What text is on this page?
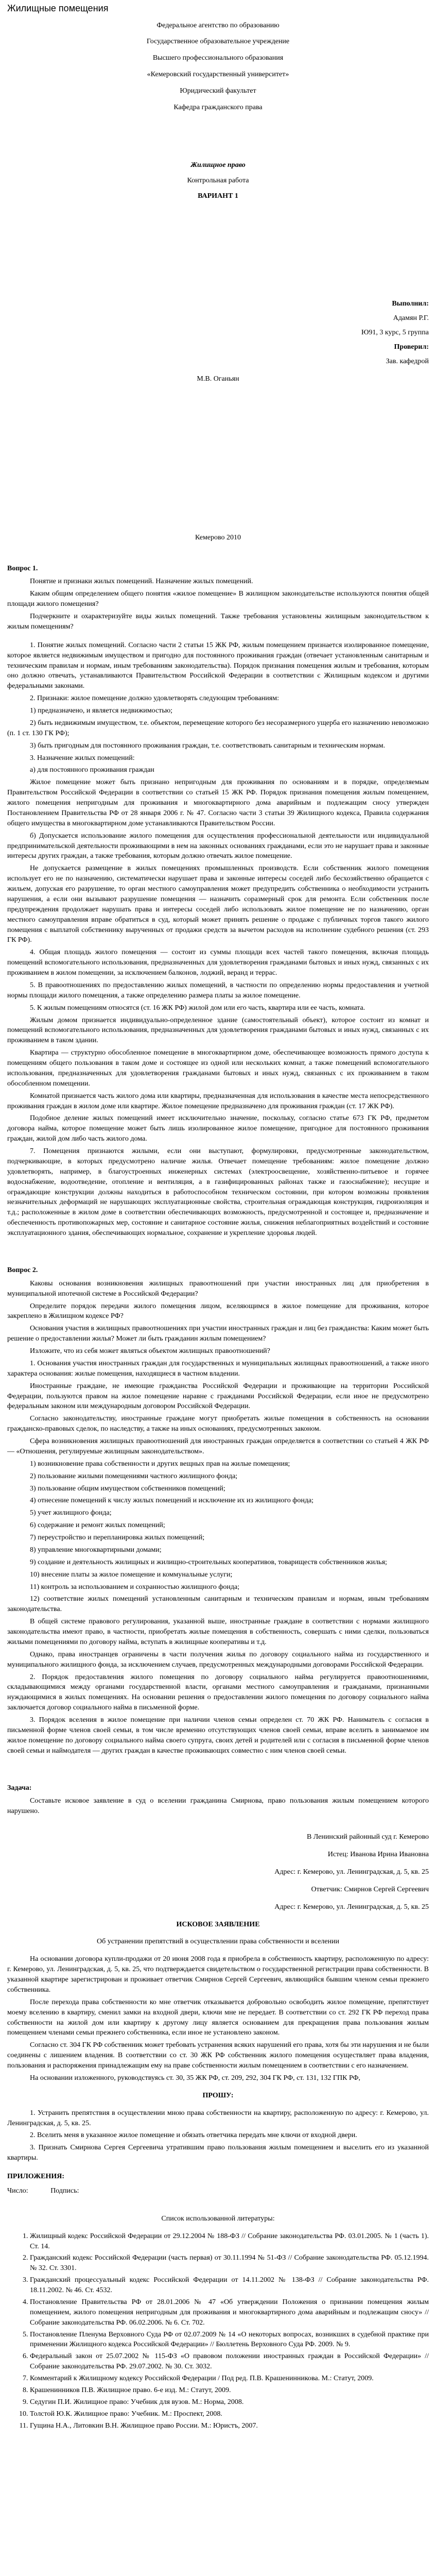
Жилищные помещения

Федеральное агентство по образованию

Государственное образовательное учреждение

Высшего профессионального образования

«Кемеровский государственный университет»

Юридический факультет

Кафедра гражданского права

Жилищное право

Контрольная работа

ВАРИАНТ 1

Выполнил:

Адамян Р.Г.

Ю91, 3 курс, 5 группа

Проверил:

Зав. кафедрой

М.В. Оганьян

Кемерово 2010

Вопрос 1.

Понятие и признаки жилых помещений. Назначение жилых помещений.

Каким общим определением общего понятия «жилое помещение» В жилищном законодательстве используются понятия общей площади жилого помещения?

Подчеркните и охарактеризуйте виды жилых помещений. Также требования установлены жилищным законодательством к жилым помещениям?

1. Понятие жилых помещений. Согласно части 2 статьи 15 ЖК РФ, жилым помещением признается изолированное помещение, которое является недвижимым имуществом и пригодно для постоянного проживания граждан (отвечает установленным санитарным и техническим правилам и нормам, иным требованиям законодательства). Порядок признания помещения жилым и требования, которым оно должно отвечать, устанавливаются Правительством Российской Федерации в соответствии с Жилищным кодексом и другими федеральными законами.

2. Признаки: жилое помещение должно удовлетворять следующим требованиям:

1) предназначено, и является недвижимостью;

2) быть недвижимым имуществом, т.е. объектом, перемещение которого без несоразмерного ущерба его назначению невозможно (п. 1 ст. 130 ГК РФ);

3) быть пригодным для постоянного проживания граждан, т.е. соответствовать санитарным и техническим нормам.

3. Назначение жилых помещений:

а) для постоянного проживания граждан

Жилое помещение может быть признано непригодным для проживания по основаниям и в порядке, определяемым Правительством Российской Федерации в соответствии со статьей 15 ЖК РФ. Порядок признания помещения жилым помещением, жилого помещения непригодным для проживания и многоквартирного дома аварийным и подлежащим сносу утвержден Постановлением Правительства РФ от 28 января 2006 г. № 47. Согласно части 3 статьи 39 Жилищного кодекса, Правила содержания общего имущества в многоквартирном доме устанавливаются Правительством России.

б) Допускается использование жилого помещения для осуществления профессиональной деятельности или индивидуальной предпринимательской деятельности проживающими в нем на законных основаниях гражданами, если это не нарушает права и законные интересы других граждан, а также требования, которым должно отвечать жилое помещение.

Не допускается размещение в жилых помещениях промышленных производств. Если собственник жилого помещения использует его не по назначению, систематически нарушает права и законные интересы соседей либо бесхозяйственно обращается с жильем, допуская его разрушение, то орган местного самоуправления может предупредить собственника о необходимости устранить нарушения, а если они вызывают разрушение помещения — назначить соразмерный срок для ремонта. Если собственник после предупреждения продолжает нарушать права и интересы соседей либо использовать жилое помещение не по назначению, орган местного самоуправления вправе обратиться в суд, который может принять решение о продаже с публичных торгов такого жилого помещения с выплатой собственнику вырученных от продажи средств за вычетом расходов на исполнение судебного решения (ст. 293 ГК РФ).

4. Общая площадь жилого помещения — состоит из суммы площади всех частей такого помещения, включая площадь помещений вспомогательного использования, предназначенных для удовлетворения гражданами бытовых и иных нужд, связанных с их проживанием в жилом помещении, за исключением балконов, лоджий, веранд и террас.

5. В правоотношениях по предоставлению жилых помещений, в частности по определению нормы предоставления и учетной нормы площади жилого помещения, а также определению размера платы за жилое помещение.

5. К жилым помещениям относятся (ст. 16 ЖК РФ) жилой дом или его часть, квартира или ее часть, комната.

Жилым домом признается индивидуально-определенное здание (самостоятельный объект), которое состоит из комнат и помещений вспомогательного использования, предназначенных для удовлетворения гражданами бытовых и иных нужд, связанных с их проживанием в таком здании.

Квартира — структурно обособленное помещение в многоквартирном доме, обеспечивающее возможность прямого доступа к помещениям общего пользования в таком доме и состоящее из одной или нескольких комнат, а также помещений вспомогательного использования, предназначенных для удовлетворения гражданами бытовых и иных нужд, связанных с их проживанием в таком обособленном помещении.

Комнатой признается часть жилого дома или квартиры, предназначенная для использования в качестве места непосредственного проживания граждан в жилом доме или квартире. Жилое помещение предназначено для проживания граждан (ст. 17 ЖК РФ).

Подобное деление жилых помещений имеет исключительно значение, поскольку, согласно статье 673 ГК РФ, предметом договора найма, которое помещение может быть лишь изолированное жилое помещение, пригодное для постоянного проживания граждан, жилой дом либо часть жилого дома.

7. Помещения признаются жилыми, если они выступают, формулировки, предусмотренные законодательством, подчеркивающие, в которых предусмотрено наличие жилья. Отвечает помещение требованиям: жилое помещение должно удовлетворять, например, в благоустроенных инженерных системах (электроосвещение, хозяйственно-питьевое и горячее водоснабжение, водоотведение, отопление и вентиляция, а в газифицированных районах также и газоснабжение); несущие и ограждающие конструкции должны находиться в работоспособном техническом состоянии, при котором возможны проявления незначительных деформаций не нарушающих эксплуатационные свойства, строительная ограждающая конструкция, гидроизоляция и т.д.; расположенные в жилом доме в соответствии обеспечивающих возможность, предусмотренной и состоящее и, предназначение и обеспеченность противопожарных мер, состояние и санитарное состояние жилья, снижения неблагоприятных воздействий и состояние эксплуатационного здания, обеспечивающих нормальное, сохранение и укрепление здоровья людей.

Вопрос 2.

Каковы основания возникновения жилищных правоотношений при участии иностранных лиц для приобретения в муниципальной ипотечной системе в Российской Федерации?

Определите порядок передачи жилого помещения лицом, вселяющимся в жилое помещение для проживания, которое закреплено в Жилищном кодексе РФ?

Основания участия в жилищных правоотношениях при участии иностранных граждан и лиц без гражданства: Каким может быть решение о предоставлении жилья? Может ли быть гражданин жилым помещением?

Изложите, что из себя может являться объектом жилищных правоотношений?

1. Основания участия иностранных граждан для государственных и муниципальных жилищных правоотношений, а также иного характера основания: жилые помещения, находящиеся в частном владении.

Иностранные граждане, не имеющие гражданства Российской Федерации и проживающие на территории Российской Федерации, пользуются правом на жилое помещение наравне с гражданами Российской Федерации, если иное не предусмотрено федеральным законом или международным договором Российской Федерации.

Согласно законодательству, иностранные граждане могут приобретать жилые помещения в собственность на основании гражданско-правовых сделок, по наследству, а также на иных основаниях, предусмотренных законом.

Сфера возникновения жилищных правоотношений для иностранных граждан определяется в соответствии со статьей 4 ЖК РФ — «Отношения, регулируемые жилищным законодательством».

1) возникновение права собственности и других вещных прав на жилые помещения;

2) пользование жилыми помещениями частного жилищного фонда;

3) пользование общим имуществом собственников помещений;

4) отнесение помещений к числу жилых помещений и исключение их из жилищного фонда;

5) учет жилищного фонда;

6) содержание и ремонт жилых помещений;

7) переустройство и перепланировка жилых помещений;

8) управление многоквартирными домами;

9) создание и деятельность жилищных и жилищно-строительных кооперативов, товариществ собственников жилья;

10) внесение платы за жилое помещение и коммунальные услуги;

11) контроль за использованием и сохранностью жилищного фонда;

12) соответствие жилых помещений установленным санитарным и техническим правилам и нормам, иным требованиям законодательства.

В общей системе правового регулирования, указанной выше, иностранные граждане в соответствии с нормами жилищного законодательства имеют право, в частности, приобретать жилые помещения в собственность, совершать с ними сделки, пользоваться жилыми помещениями по договору найма, вступать в жилищные кооперативы и т.д.

Однако, права иностранцев ограничены в части получения жилья по договору социального найма из государственного и муниципального жилищного фонда, за исключением случаев, предусмотренных международными договорами Российской Федерации.

2. Порядок предоставления жилого помещения по договору социального найма регулируется правоотношениями, складывающимися между органами государственной власти, органами местного самоуправления и гражданами, признанными нуждающимися в жилых помещениях. На основании решения о предоставлении жилого помещения по договору социального найма заключается договор социального найма в письменной форме.

3. Порядок вселения в жилое помещение при наличии членов семьи определен ст. 70 ЖК РФ. Наниматель с согласия в письменной форме членов своей семьи, в том числе временно отсутствующих членов своей семьи, вправе вселить в занимаемое им жилое помещение по договору социального найма своего супруга, своих детей и родителей или с согласия в письменной форме членов своей семьи и наймодателя — других граждан в качестве проживающих совместно с ним членов своей семьи.

Задача:

Составьте исковое заявление в суд о вселении гражданина Смирнова, право пользования жилым помещением которого нарушено.

В Ленинский районный суд г. Кемерово

Истец: Иванова Ирина Ивановна

Адрес: г. Кемерово, ул. Ленинградская, д. 5, кв. 25

Ответчик: Смирнов Сергей Сергеевич

Адрес: г. Кемерово, ул. Ленинградская, д. 5, кв. 25

ИСКОВОЕ ЗАЯВЛЕНИЕ

Об устранении препятствий в осуществлении права собственности и вселении

На основании договора купли-продажи от 20 июня 2008 года я приобрела в собственность квартиру, расположенную по адресу: г. Кемерово, ул. Ленинградская, д. 5, кв. 25, что подтверждается свидетельством о государственной регистрации права собственности. В указанной квартире зарегистрирован и проживает ответчик Смирнов Сергей Сергеевич, являющийся бывшим членом семьи прежнего собственника.

После перехода права собственности ко мне ответчик отказывается добровольно освободить жилое помещение, препятствует моему вселению в квартиру, сменил замки на входной двери, ключи мне не передает. В соответствии со ст. 292 ГК РФ переход права собственности на жилой дом или квартиру к другому лицу является основанием для прекращения права пользования жилым помещением членами семьи прежнего собственника, если иное не установлено законом.

Согласно ст. 304 ГК РФ собственник может требовать устранения всяких нарушений его права, хотя бы эти нарушения и не были соединены с лишением владения. В соответствии со ст. 30 ЖК РФ собственник жилого помещения осуществляет права владения, пользования и распоряжения принадлежащим ему на праве собственности жилым помещением в соответствии с его назначением.

На основании изложенного, руководствуясь ст. 30, 35 ЖК РФ, ст. 209, 292, 304 ГК РФ, ст. 131, 132 ГПК РФ,

ПРОШУ:

1. Устранить препятствия в осуществлении мною права собственности на квартиру, расположенную по адресу: г. Кемерово, ул. Ленинградская, д. 5, кв. 25.

2. Вселить меня в указанное жилое помещение и обязать ответчика передать мне ключи от входной двери.

3. Признать Смирнова Сергея Сергеевича утратившим право пользования жилым помещением и выселить его из указанной квартиры.

ПРИЛОЖЕНИЯ:

Число:	Подпись:

Список использованной литературы:

1. Жилищный кодекс Российской Федерации от 29.12.2004 № 188-ФЗ // Собрание законодательства РФ. 03.01.2005. № 1 (часть 1). Ст. 14.
2. Гражданский кодекс Российской Федерации (часть первая) от 30.11.1994 № 51-ФЗ // Собрание законодательства РФ. 05.12.1994. № 32. Ст. 3301.
3. Гражданский процессуальный кодекс Российской Федерации от 14.11.2002 № 138-ФЗ // Собрание законодательства РФ. 18.11.2002. № 46. Ст. 4532.
4. Постановление Правительства РФ от 28.01.2006 № 47 «Об утверждении Положения о признании помещения жилым помещением, жилого помещения непригодным для проживания и многоквартирного дома аварийным и подлежащим сносу» // Собрание законодательства РФ. 06.02.2006. № 6. Ст. 702.
5. Постановление Пленума Верховного Суда РФ от 02.07.2009 № 14 «О некоторых вопросах, возникших в судебной практике при применении Жилищного кодекса Российской Федерации» // Бюллетень Верховного Суда РФ. 2009. № 9.
6. Федеральный закон от 25.07.2002 № 115-ФЗ «О правовом положении иностранных граждан в Российской Федерации» // Собрание законодательства РФ. 29.07.2002. № 30. Ст. 3032.
7. Комментарий к Жилищному кодексу Российской Федерации / Под ред. П.В. Крашенинникова. М.: Статут, 2009.
8. Крашенинников П.В. Жилищное право. 6-е изд. М.: Статут, 2009.
9. Седугин П.И. Жилищное право: Учебник для вузов. М.: Норма, 2008.
10. Толстой Ю.К. Жилищное право: Учебник. М.: Проспект, 2008.
11. Гущина Н.А., Литовкин В.Н. Жилищное право России. М.: Юристъ, 2007.
